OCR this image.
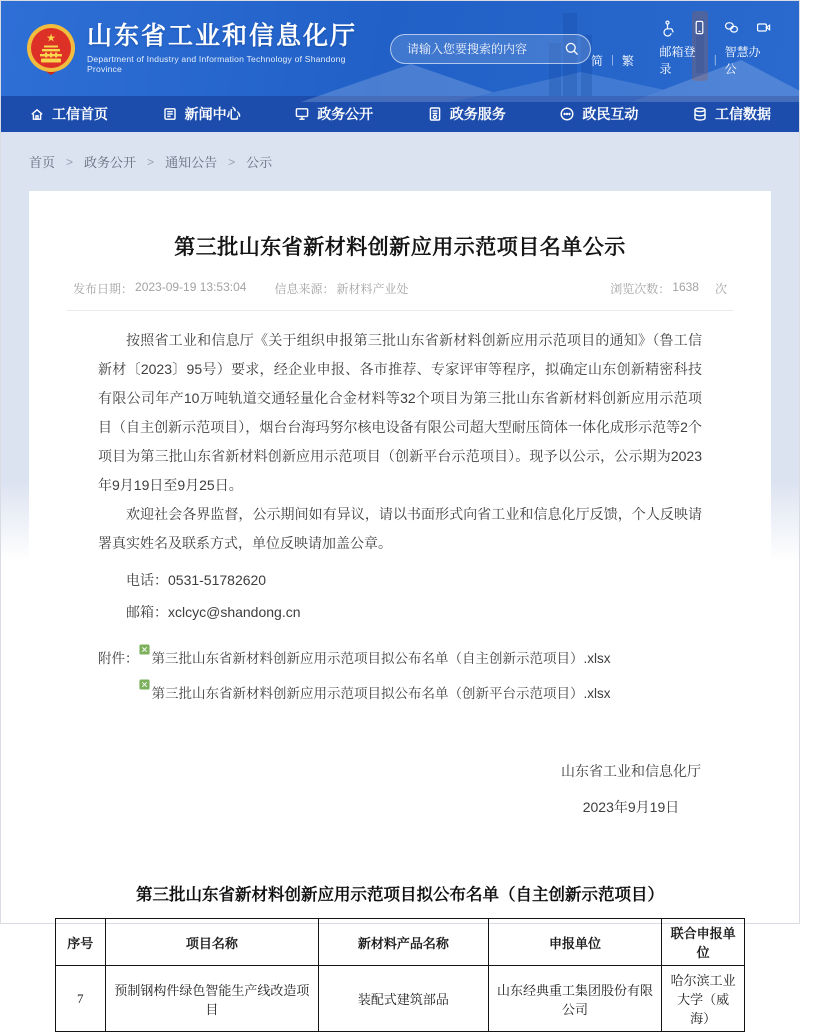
★ 山东省工业和信息化厅

Department of Industry and Information Technology of Shandong Province

请输入您要搜索的内容
简 | 繁
邮箱登录
|
智慧办公
工信首页	新闻中心	政务公开	政务服务	政民互动	工信数据
首页 > 政务公开 > 通知公告 > 公示
第三批山东省新材料创新应用示范项目名单公示
发布日期： 2023-09-19 13:53:04 信息来源： 新材料产业处	浏览次数： 1638 次

按照省工业和信息厅《关于组织申报第三批山东省新材料创新应用示范项目的通知》（鲁工信新材〔2023〕95号）要求，经企业申报、各市推荐、专家评审等程序，拟确定山东创新精密科技有限公司年产10万吨轨道交通轻量化合金材料等32个项目为第三批山东省新材料创新应用示范项目（自主创新示范项目），烟台台海玛努尔核电设备有限公司超大型耐压筒体一体化成形示范等2个项目为第三批山东省新材料创新应用示范项目（创新平台示范项目）。现予以公示，公示期为2023年9月19日至9月25日。

欢迎社会各界监督，公示期间如有异议，请以书面形式向省工业和信息化厅反馈，个人反映请署真实姓名及联系方式，单位反映请加盖公章。

电话：0531-51782620
邮箱：xclcyc@shandong.cn
附件： 第三批山东省新材料创新应用示范项目拟公布名单（自主创新示范项目）.xlsx
第三批山东省新材料创新应用示范项目拟公布名单（创新平台示范项目）.xlsx
山东省工业和信息化厅
2023年9月19日
第三批山东省新材料创新应用示范项目拟公布名单（自主创新示范项目）
序号	项目名称	新材料产品名称	申报单位	联合申报单位
7	预制钢构件绿色智能生产线改造项目	装配式建筑部品	山东经典重工集团股份有限公司	哈尔滨工业大学（威海）
